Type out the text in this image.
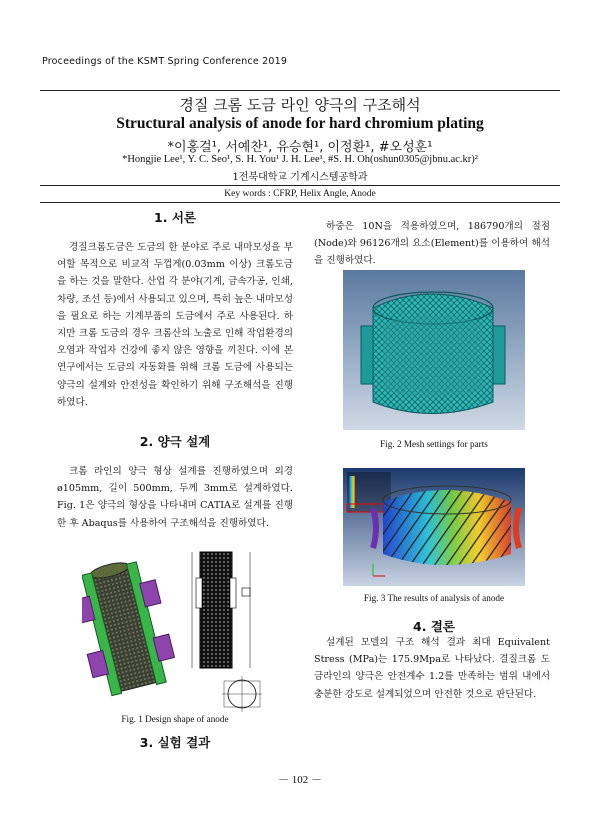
Proceedings of the KSMT Spring Conference 2019
경질 크롬 도금 라인 양극의 구조해석
Structural analysis of anode for hard chromium plating
*이홍걸¹, 서예찬¹, 유승현¹, 이정환¹, #오성훈¹
*Hongjie Lee¹, Y. C. Seo¹, S. H. You¹ J. H. Lee¹, #S. H. Oh(oshun0305@jbnu.ac.kr)²
1전북대학교 기계시스템공학과
Key words : CFRP, Helix Angle, Anode
1. 서론

경질크롬도금은 도금의 한 분야로 주로 내마모성을 부여할 목적으로 비교적 두껍게(0.03mm 이상) 크롬도금을 하는 것을 말한다. 산업 각 분야(기계, 금속가공, 인쇄, 차량, 조선 등)에서 사용되고 있으며, 특히 높은 내마모성을 필요로 하는 기계부품의 도금에서 주로 사용된다. 하지만 크롬 도금의 경우 크롬산의 노출로 인해 작업환경의 오염과 작업자 건강에 좋지 않은 영향을 끼친다. 이에 본 연구에서는 도금의 자동화를 위해 크롬 도금에 사용되는 양극의 설계와 안전성을 확인하기 위해 구조해석을 진행하였다.

2. 양극 설계

크롬 라인의 양극 형상 설계를 진행하였으며 외경 ø105mm, 길이 500mm, 두께 3mm로 설계하였다. Fig. 1은 양극의 형상을 나타내며 CATIA로 설계를 진행한 후 Abaqus를 사용하여 구조해석을 진행하였다.

Fig. 1 Design shape of anode
3. 실험 결과

하중은 10N을 적용하였으며, 186790개의 절점(Node)와 96126개의 요소(Element)를 이용하여 해석을 진행하였다.

Fig. 2 Mesh settings for parts
Fig. 3 The results of analysis of anode
4. 결론

설계된 모델의 구조 해석 결과 최대 Equivalent Stress (MPa)는 175.9Mpa로 나타났다. 결질크롬 도금라인의 양극은 안전계수 1.2를 만족하는 범위 내에서 충분한 강도로 설계되었으며 안전한 것으로 판단된다.

－ 102 －
